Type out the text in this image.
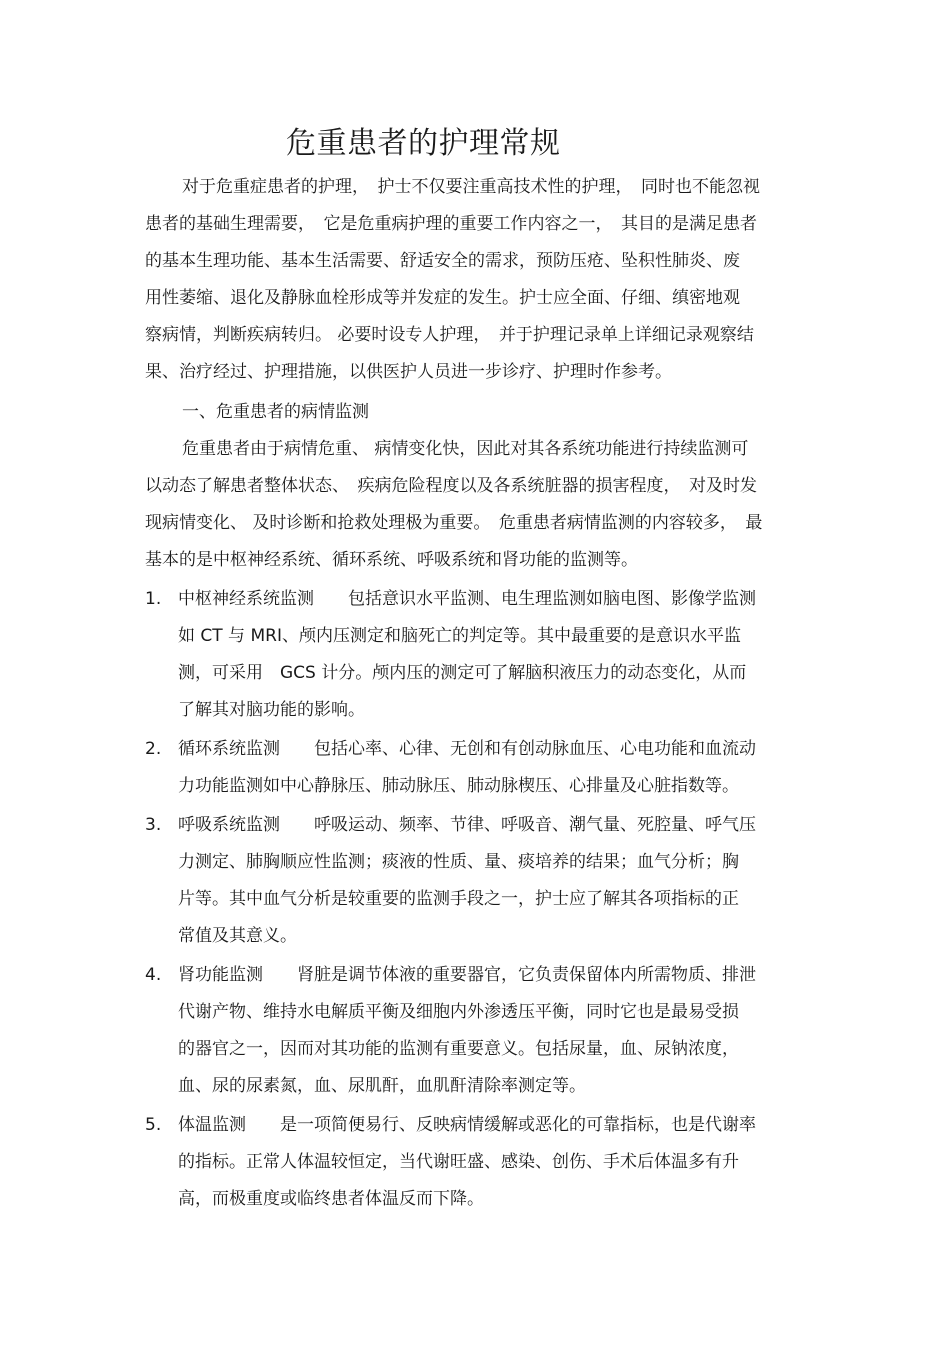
危重患者的护理常规
对于危重症患者的护理，　护士不仅要注重高技术性的护理，　同时也不能忽视
患者的基础生理需要，　它是危重病护理的重要工作内容之一，　其目的是满足患者
的基本生理功能、基本生活需要、舒适安全的需求，预防压疮、坠积性肺炎、废
用性萎缩、退化及静脉血栓形成等并发症的发生。护士应全面、仔细、缜密地观
察病情，判断疾病转归。 必要时设专人护理，　并于护理记录单上详细记录观察结
果、治疗经过、护理措施，以供医护人员进一步诊疗、护理时作参考。
一、危重患者的病情监测
危重患者由于病情危重、 病情变化快，因此对其各系统功能进行持续监测可
以动态了解患者整体状态、　疾病危险程度以及各系统脏器的损害程度，　对及时发
现病情变化、 及时诊断和抢救处理极为重要。　危重患者病情监测的内容较多，　最
基本的是中枢神经系统、循环系统、呼吸系统和肾功能的监测等。
1. 中枢神经系统监测　　包括意识水平监测、电生理监测如脑电图、影像学监测
如 CT 与 MRI、颅内压测定和脑死亡的判定等。其中最重要的是意识水平监
测，可采用　GCS 计分。颅内压的测定可了解脑积液压力的动态变化，从而
了解其对脑功能的影响。
2. 循环系统监测　　包括心率、心律、无创和有创动脉血压、心电功能和血流动
力功能监测如中心静脉压、肺动脉压、肺动脉楔压、心排量及心脏指数等。
3. 呼吸系统监测　　呼吸运动、频率、节律、呼吸音、潮气量、死腔量、呼气压
力测定、肺胸顺应性监测；痰液的性质、量、痰培养的结果；血气分析；胸
片等。其中血气分析是较重要的监测手段之一，护士应了解其各项指标的正
常值及其意义。
4. 肾功能监测　　肾脏是调节体液的重要器官，它负责保留体内所需物质、排泄
代谢产物、维持水电解质平衡及细胞内外渗透压平衡，同时它也是最易受损
的器官之一，因而对其功能的监测有重要意义。包括尿量，血、尿钠浓度，
血、尿的尿素氮，血、尿肌酐，血肌酐清除率测定等。
5. 体温监测　　是一项简便易行、反映病情缓解或恶化的可靠指标，也是代谢率
的指标。正常人体温较恒定，当代谢旺盛、感染、创伤、手术后体温多有升
高，而极重度或临终患者体温反而下降。
